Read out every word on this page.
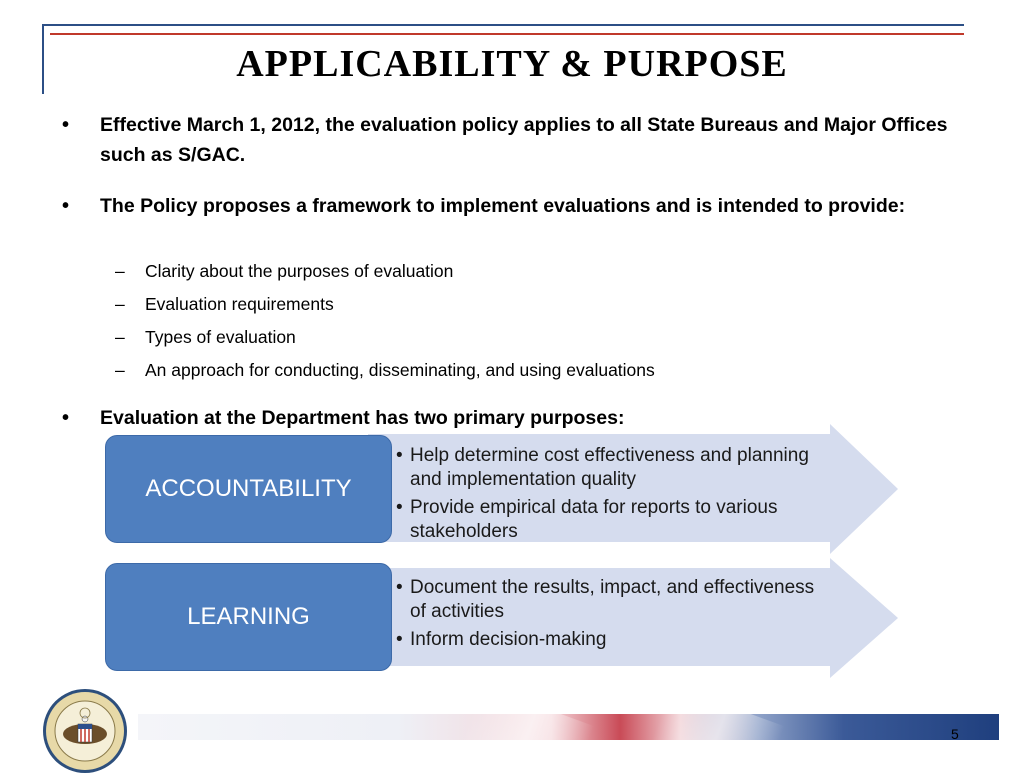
APPLICABILITY & PURPOSE
• Effective March 1, 2012, the evaluation policy applies to all State Bureaus and Major Offices such as S/GAC.
• The Policy proposes a framework to implement evaluations and is intended to provide:
– Clarity about the purposes of evaluation
– Evaluation requirements
– Types of evaluation
– An approach for conducting, disseminating, and using evaluations
• Evaluation at the Department has two primary purposes:
ACCOUNTABILITY
• Help determine cost effectiveness and planning and implementation quality
• Provide empirical data for reports to various stakeholders
LEARNING
• Document the results, impact, and effectiveness of activities
• Inform decision-making
5
